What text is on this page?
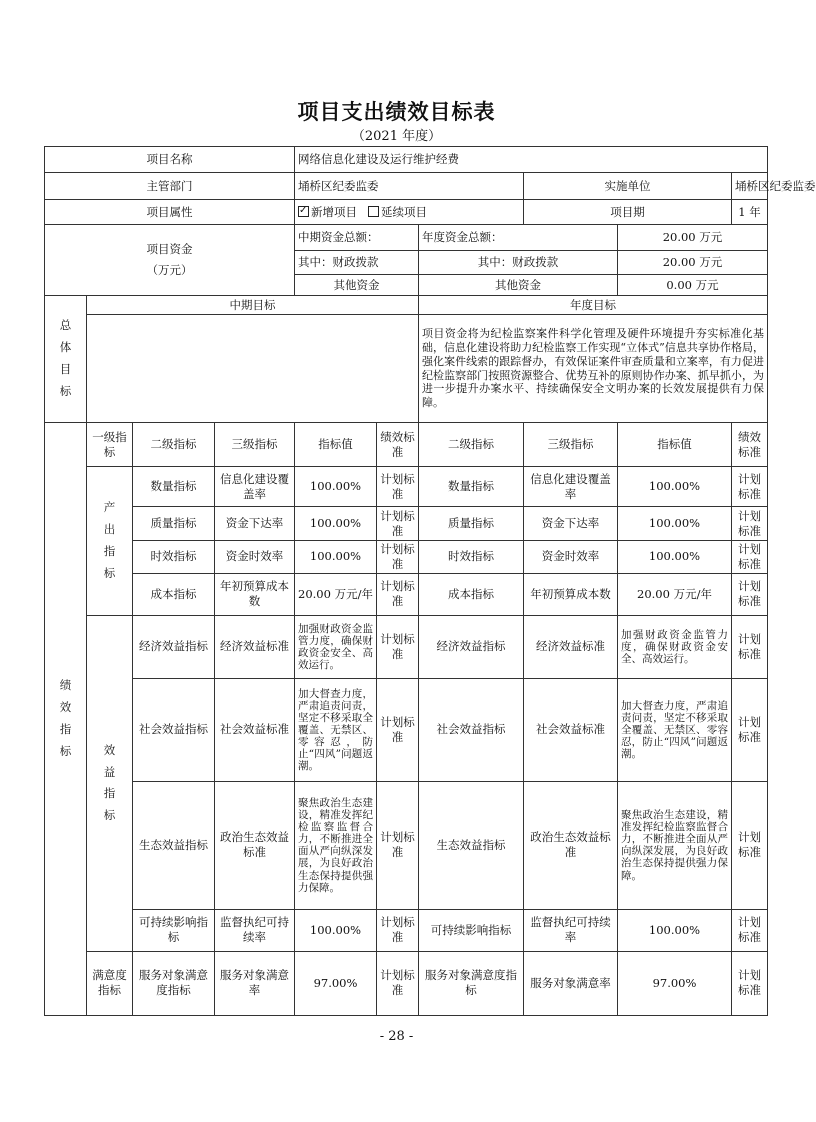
项目支出绩效目标表
（2021 年度）
项目名称				网络信息化建设及运行维护经费					
主管部门				埇桥区纪委监委			实施单位		埇桥区纪委监委
项目属性	✓新增项目 延续项目			项目期		1 年

项目资金
（万元）				中期资金总额：		年度资金总额：		20.00 万元	
				其中：财政拨款		其中：财政拨款		20.00 万元	
				其他资金		其他资金		0.00 万元	

总
体
目
标	中期目标					年度目标			
						项目资金将为纪检监察案件科学化管理及硬件环境提升夯实标准化基础，信息化建设将助力纪检监察工作实现“立体式”信息共享协作格局，强化案件线索的跟踪督办，有效保证案件审查质量和立案率，有力促进纪检监察部门按照资源整合、优势互补的原则协作办案、抓早抓小，为进一步提升办案水平、持续确保安全文明办案的长效发展提供有力保障。			

绩
效
指
标	一级指标	二级指标	三级指标	指标值	绩效标准	二级指标	三级指标	指标值	绩效标准

	产
出
指
标	数量指标	信息化建设覆盖率	100.00%	计划标准	数量指标	信息化建设覆盖率	100.00%	计划标准
		质量指标	资金下达率	100.00%	计划标准	质量指标	资金下达率	100.00%	计划标准
		时效指标	资金时效率	100.00%	计划标准	时效指标	资金时效率	100.00%	计划标准
		成本指标	年初预算成本数	20.00 万元/年	计划标准	成本指标	年初预算成本数	20.00 万元/年	计划标准

	效
益
指
标	经济效益指标	经济效益标准	加强财政资金监管力度，确保财政资金安全、高效运行。	计划标准	经济效益指标	经济效益标准	加强财政资金监管力度，确保财政资金安全、高效运行。	计划标准
		社会效益指标	社会效益标准	加大督查力度，严肃追责问责，坚定不移采取全覆盖、无禁区、零容忍，防止“四风”问题返潮。	计划标准	社会效益指标	社会效益标准	加大督查力度，严肃追责问责，坚定不移采取全覆盖、无禁区、零容忍，防止“四风”问题返潮。	计划标准
		生态效益指标	政治生态效益标准	聚焦政治生态建设，精准发挥纪检监察监督合力，不断推进全面从严向纵深发展，为良好政治生态保持提供强力保障。	计划标准	生态效益指标	政治生态效益标准	聚焦政治生态建设，精准发挥纪检监察监督合力，不断推进全面从严向纵深发展，为良好政治生态保持提供强力保障。	计划标准
		可持续影响指标	监督执纪可持续率	100.00%	计划标准	可持续影响指标	监督执纪可持续率	100.00%	计划标准
	满意度指标	服务对象满意度指标	服务对象满意率	97.00%	计划标准	服务对象满意度指标	服务对象满意率	97.00%	计划标准
- 28 -
